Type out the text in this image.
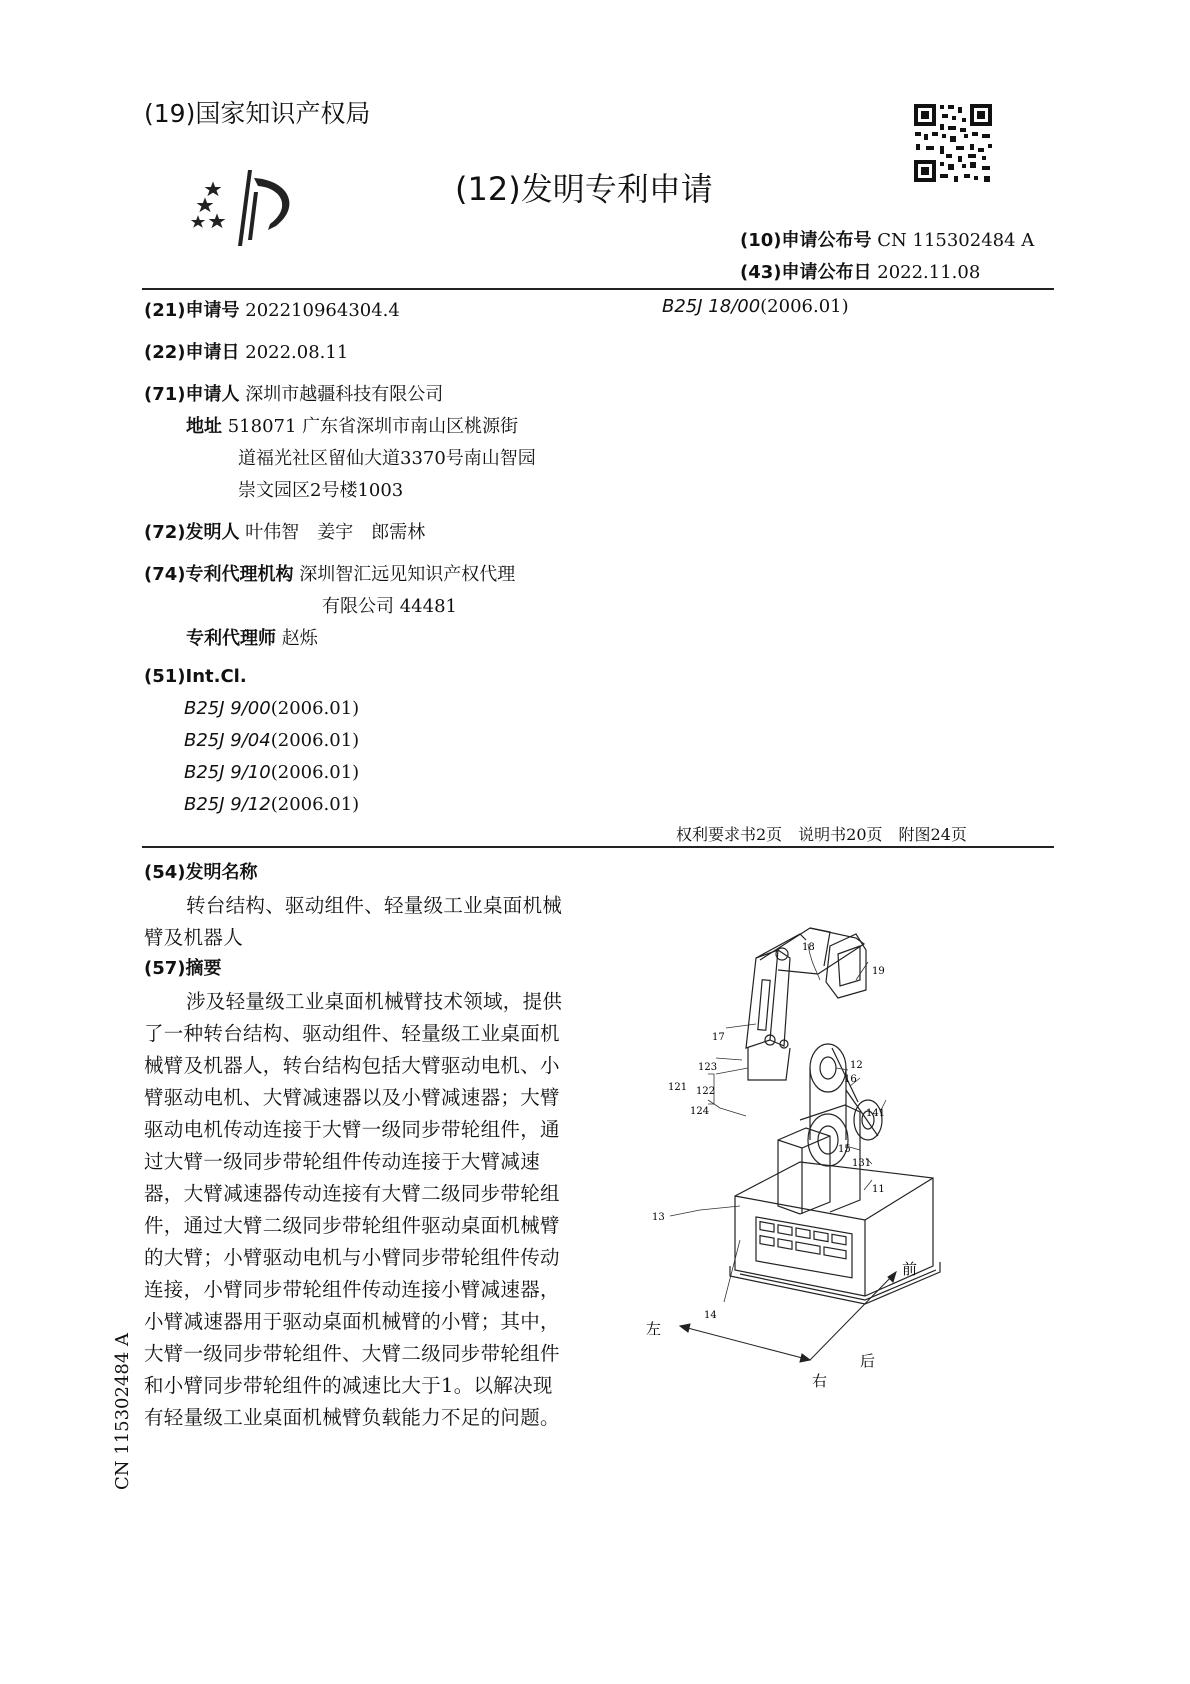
(19)国家知识产权局
(12)发明专利申请
(10)申请公布号 CN 115302484 A
(43)申请公布日 2022.11.08
(21)申请号 202210964304.4	B25J 18/00(2006.01)
(22)申请日 2022.08.11
(71)申请人 深圳市越疆科技有限公司
地址 518071 广东省深圳市南山区桃源街
道福光社区留仙大道3370号南山智园
崇文园区2号楼1003
(72)发明人 叶伟智　姜宇　郎需林
(74)专利代理机构 深圳智汇远见知识产权代理
有限公司 44481
专利代理师 赵烁
(51)Int.Cl.
B25J 9/00(2006.01)
B25J 9/04(2006.01)
B25J 9/10(2006.01)
B25J 9/12(2006.01)
权利要求书2页　说明书20页　附图24页
(54)发明名称
转台结构、驱动组件、轻量级工业桌面机械
臂及机器人
(57)摘要
涉及轻量级工业桌面机械臂技术领域，提供
了一种转台结构、驱动组件、轻量级工业桌面机
械臂及机器人，转台结构包括大臂驱动电机、小
臂驱动电机、大臂减速器以及小臂减速器；大臂
驱动电机传动连接于大臂一级同步带轮组件，通
过大臂一级同步带轮组件传动连接于大臂减速
器，大臂减速器传动连接有大臂二级同步带轮组
件，通过大臂二级同步带轮组件驱动桌面机械臂
的大臂；小臂驱动电机与小臂同步带轮组件传动
连接，小臂同步带轮组件传动连接小臂减速器，
小臂减速器用于驱动桌面机械臂的小臂；其中，
大臂一级同步带轮组件、大臂二级同步带轮组件
和小臂同步带轮组件的减速比大于1。以解决现
有轻量级工业桌面机械臂负载能力不足的问题。
CN 115302484 A
18
19
17
123
121 122
124
12
16
141
15
131
11
13
14
左
右
前
后
